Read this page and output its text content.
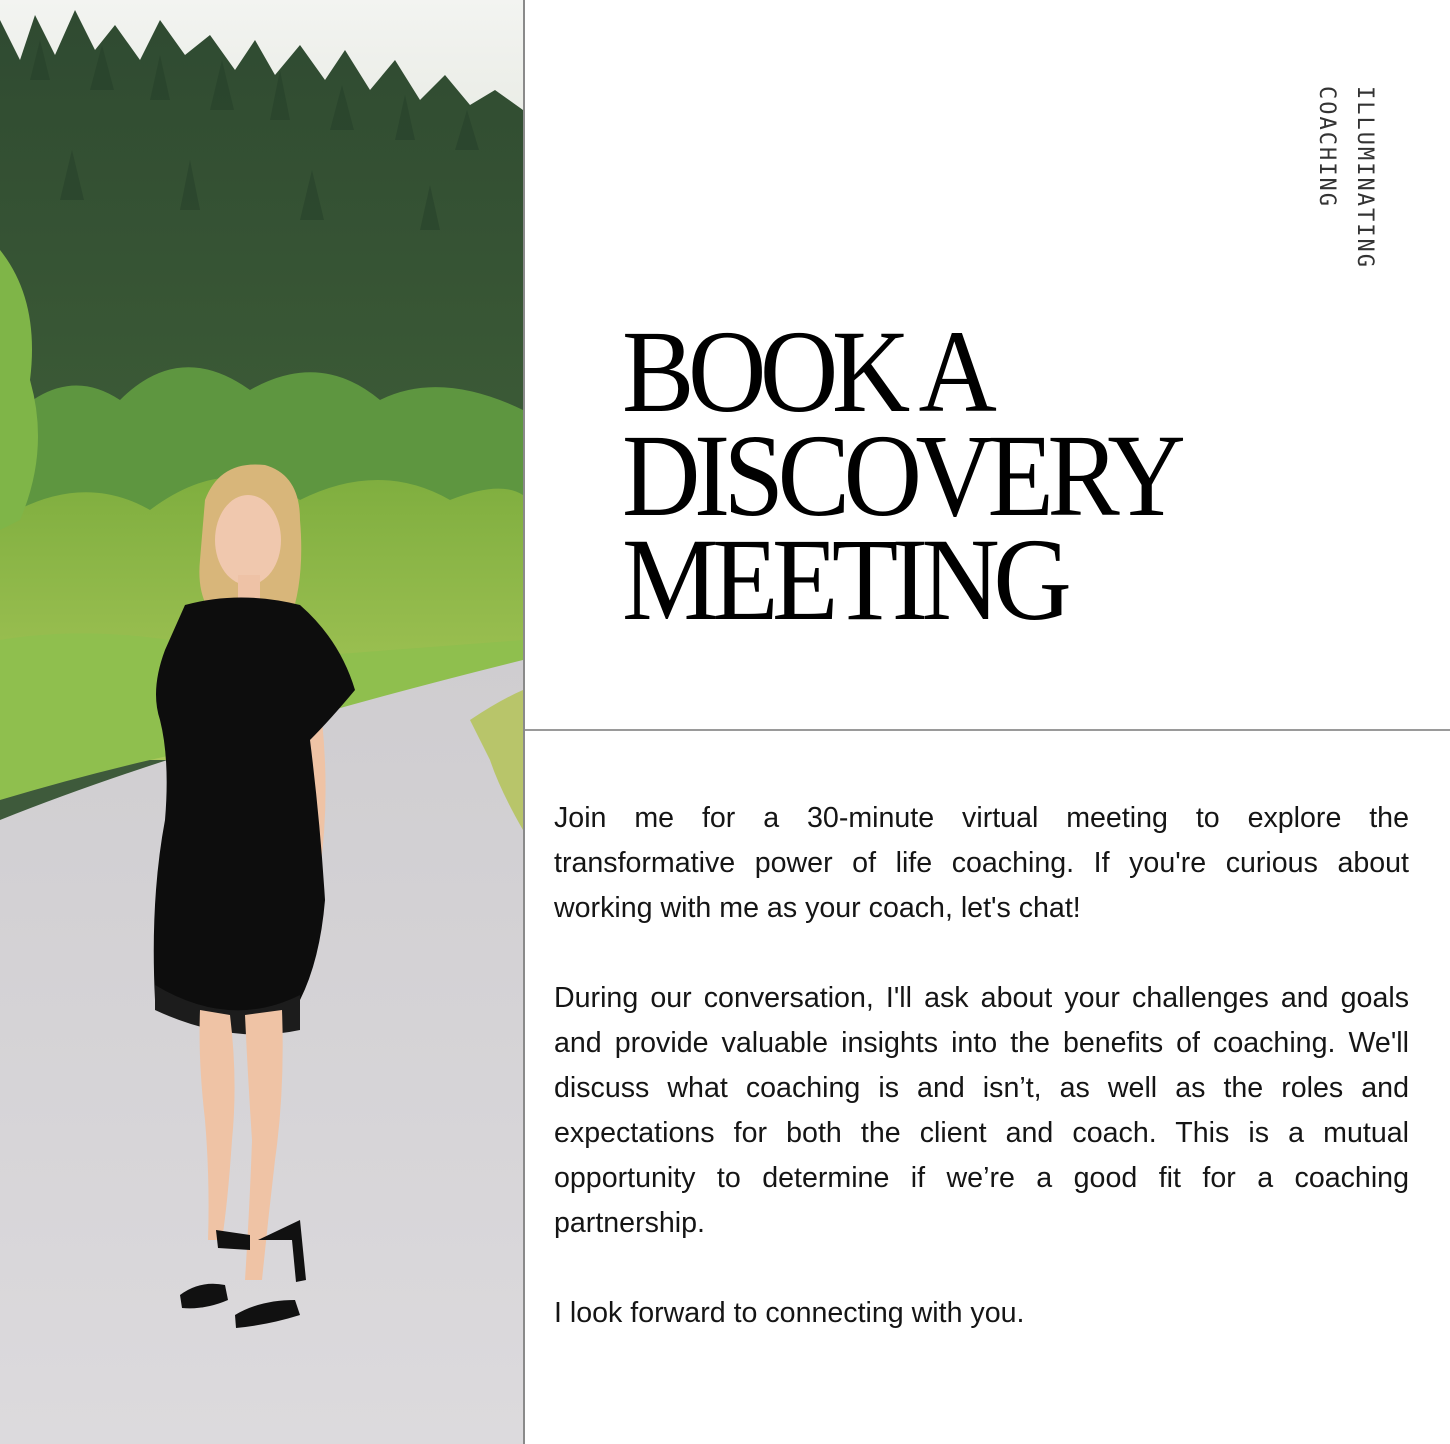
ILLUMINATING
COACHING
BOOK A
DISCOVERY
MEETING

Join me for a 30-minute virtual meeting to explore the transformative power of life coaching. If you're curious about working with me as your coach, let's chat!

During our conversation, I'll ask about your challenges and goals and provide valuable insights into the benefits of coaching. We'll discuss what coaching is and isn’t, as well as the roles and expectations for both the client and coach. This is a mutual opportunity to determine if we’re a good fit for a coaching partnership.

I look forward to connecting with you.
